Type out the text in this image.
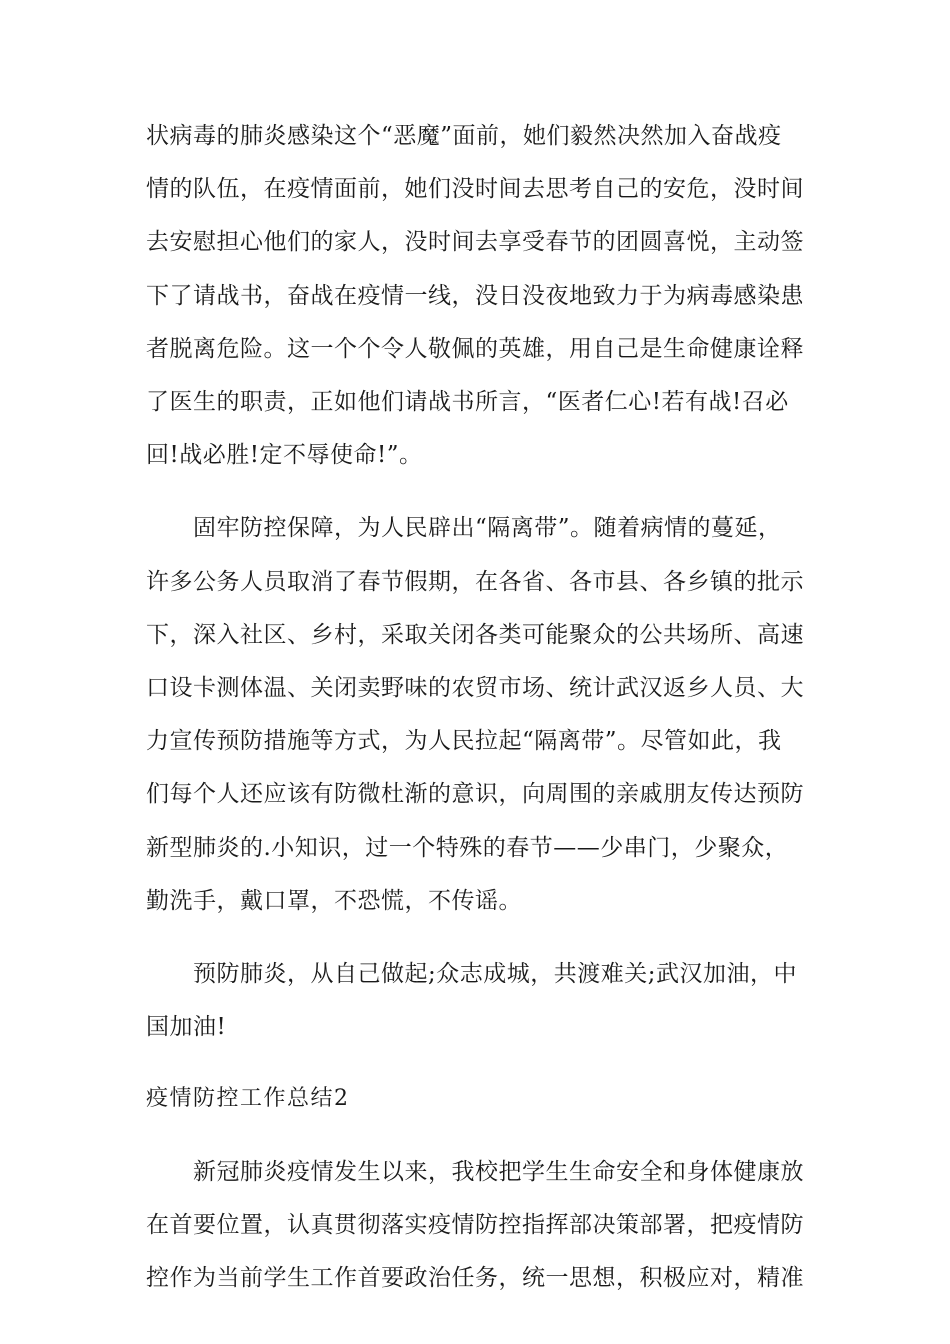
状病毒的肺炎感染这个“恶魔”面前，她们毅然决然加入奋战疫
情的队伍，在疫情面前，她们没时间去思考自己的安危，没时间
去安慰担心他们的家人，没时间去享受春节的团圆喜悦，主动签
下了请战书，奋战在疫情一线，没日没夜地致力于为病毒感染患
者脱离危险。这一个个令人敬佩的英雄，用自己是生命健康诠释
了医生的职责，正如他们请战书所言，“医者仁心!若有战!召必
回!战必胜!定不辱使命!”。
　　固牢防控保障，为人民辟出“隔离带”。随着病情的蔓延，
许多公务人员取消了春节假期，在各省、各市县、各乡镇的批示
下，深入社区、乡村，采取关闭各类可能聚众的公共场所、高速
口设卡测体温、关闭卖野味的农贸市场、统计武汉返乡人员、大
力宣传预防措施等方式，为人民拉起“隔离带”。尽管如此，我
们每个人还应该有防微杜渐的意识，向周围的亲戚朋友传达预防
新型肺炎的.小知识，过一个特殊的春节——少串门，少聚众，
勤洗手，戴口罩，不恐慌，不传谣。
　　预防肺炎，从自己做起;众志成城，共渡难关;武汉加油，中
国加油!
疫情防控工作总结2
　　新冠肺炎疫情发生以来，我校把学生生命安全和身体健康放
在首要位置，认真贯彻落实疫情防控指挥部决策部署，把疫情防
控作为当前学生工作首要政治任务，统一思想，积极应对，精准
